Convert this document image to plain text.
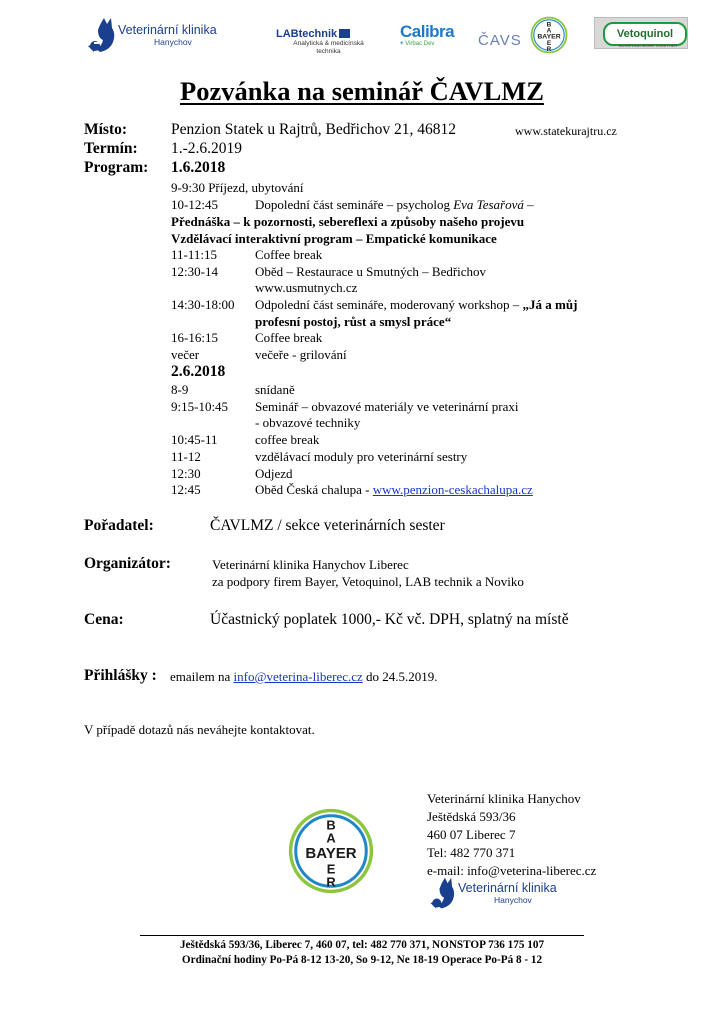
Veterinární klinika
Hanychov
LABtechnik
Analytická & medicínská
technika
Calibra
+ Virbac Dev	ČAVS
B
A
E
R
BAYER	Vetoquinol
ACHIEVING MORE TOGETHER
Pozvánka na seminář ČAVLMZ
Místo:	Penzion Statek u Rajtrů, Bedřichov 21, 46812	www.statekurajtru.cz
Termín: 1.-2.6.2019
Program: 1.6.2018
9-9:30 Příjezd, ubytování
10-12:45	Dopolední část semináře – psycholog Eva Tesařová –
Přednáška – k pozornosti, sebereflexi a způsoby našeho projevu
Vzdělávací interaktivní program – Empatické komunikace
11-11:15	Coffee break
12:30-14	Oběd – Restaurace u Smutných – Bedřichov
www.usmutnych.cz
14:30-18:00 Odpolední část semináře, moderovaný workshop – „Já a můj
profesní postoj, růst a smysl práce“
16-16:15	Coffee break
večer	večeře - grilování
2.6.2018
8-9	snídaně
9:15-10:45 Seminář – obvazové materiály ve veterinární praxi
- obvazové techniky
10:45-11	coffee break
11-12	vzdělávací moduly pro veterinární sestry
12:30	Odjezd
12:45	Oběd Česká chalupa - www.penzion-ceskachalupa.cz
Pořadatel:	ČAVLMZ / sekce veterinárních sester
Organizátor:	Veterinární klinika Hanychov Liberec
za podpory firem Bayer, Vetoquinol, LAB technik a Noviko
Cena:	Účastnický poplatek 1000,- Kč vč. DPH, splatný na místě
Přihlášky : emailem na info@veterina-liberec.cz do 24.5.2019.
V případě dotazů nás neváhejte kontaktovat.
Veterinární klinika Hanychov
Ještědská 593/36
460 07 Liberec 7
Tel: 482 770 371
e-mail: info@veterina-liberec.cz
B
A
E
R
BAYER
Veterinární klinika
Hanychov
Ještědská 593/36, Liberec 7, 460 07, tel: 482 770 371, NONSTOP 736 175 107
Ordinační hodiny Po-Pá 8-12 13-20, So 9-12, Ne 18-19 Operace Po-Pá 8 - 12
